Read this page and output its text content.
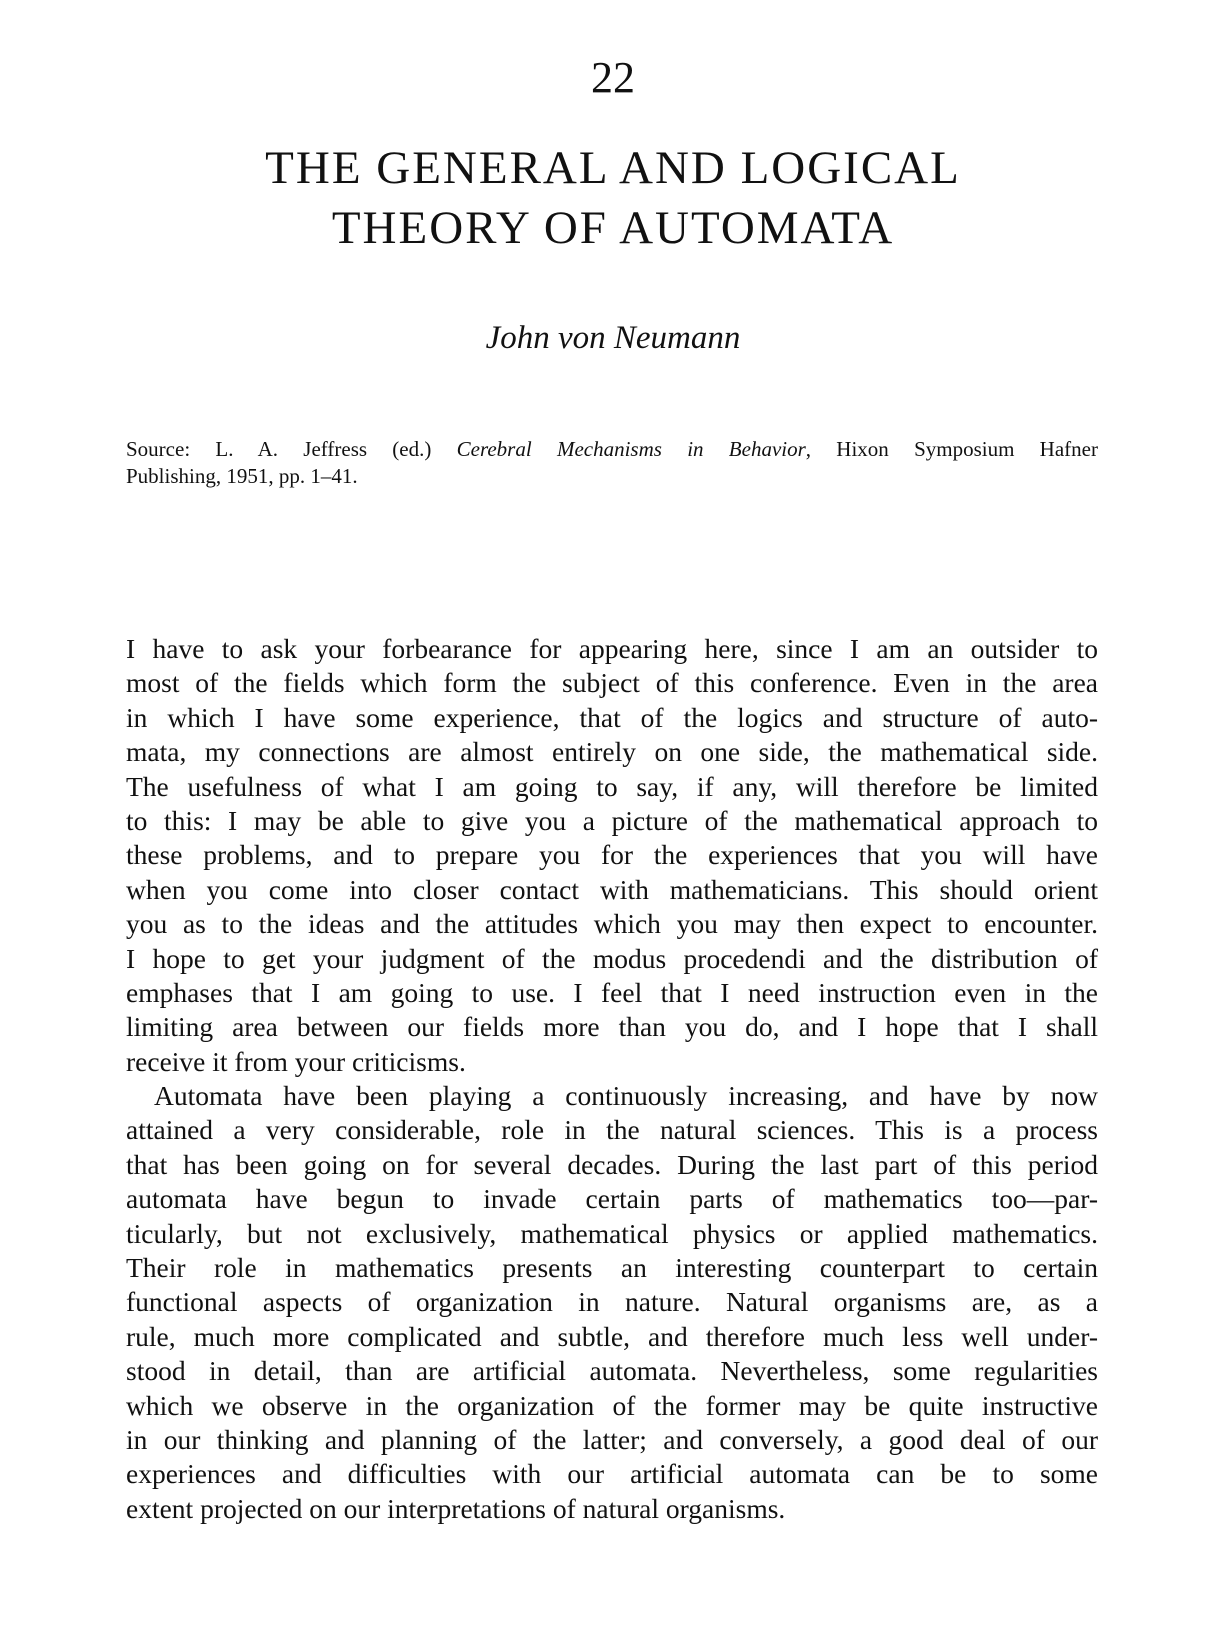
22
THE GENERAL AND LOGICAL
THEORY OF AUTOMATA
John von Neumann
Source: L. A. Jeffress (ed.) Cerebral Mechanisms in Behavior, Hixon Symposium Hafner
Publishing, 1951, pp. 1–41.
I have to ask your forbearance for appearing here, since I am an outsider to
most of the fields which form the subject of this conference. Even in the area
in which I have some experience, that of the logics and structure of auto-
mata, my connections are almost entirely on one side, the mathematical side.
The usefulness of what I am going to say, if any, will therefore be limited
to this: I may be able to give you a picture of the mathematical approach to
these problems, and to prepare you for the experiences that you will have
when you come into closer contact with mathematicians. This should orient
you as to the ideas and the attitudes which you may then expect to encounter.
I hope to get your judgment of the modus procedendi and the distribution of
emphases that I am going to use. I feel that I need instruction even in the
limiting area between our fields more than you do, and I hope that I shall
receive it from your criticisms.
Automata have been playing a continuously increasing, and have by now
attained a very considerable, role in the natural sciences. This is a process
that has been going on for several decades. During the last part of this period
automata have begun to invade certain parts of mathematics too—par-
ticularly, but not exclusively, mathematical physics or applied mathematics.
Their role in mathematics presents an interesting counterpart to certain
functional aspects of organization in nature. Natural organisms are, as a
rule, much more complicated and subtle, and therefore much less well under-
stood in detail, than are artificial automata. Nevertheless, some regularities
which we observe in the organization of the former may be quite instructive
in our thinking and planning of the latter; and conversely, a good deal of our
experiences and difficulties with our artificial automata can be to some
extent projected on our interpretations of natural organisms.
